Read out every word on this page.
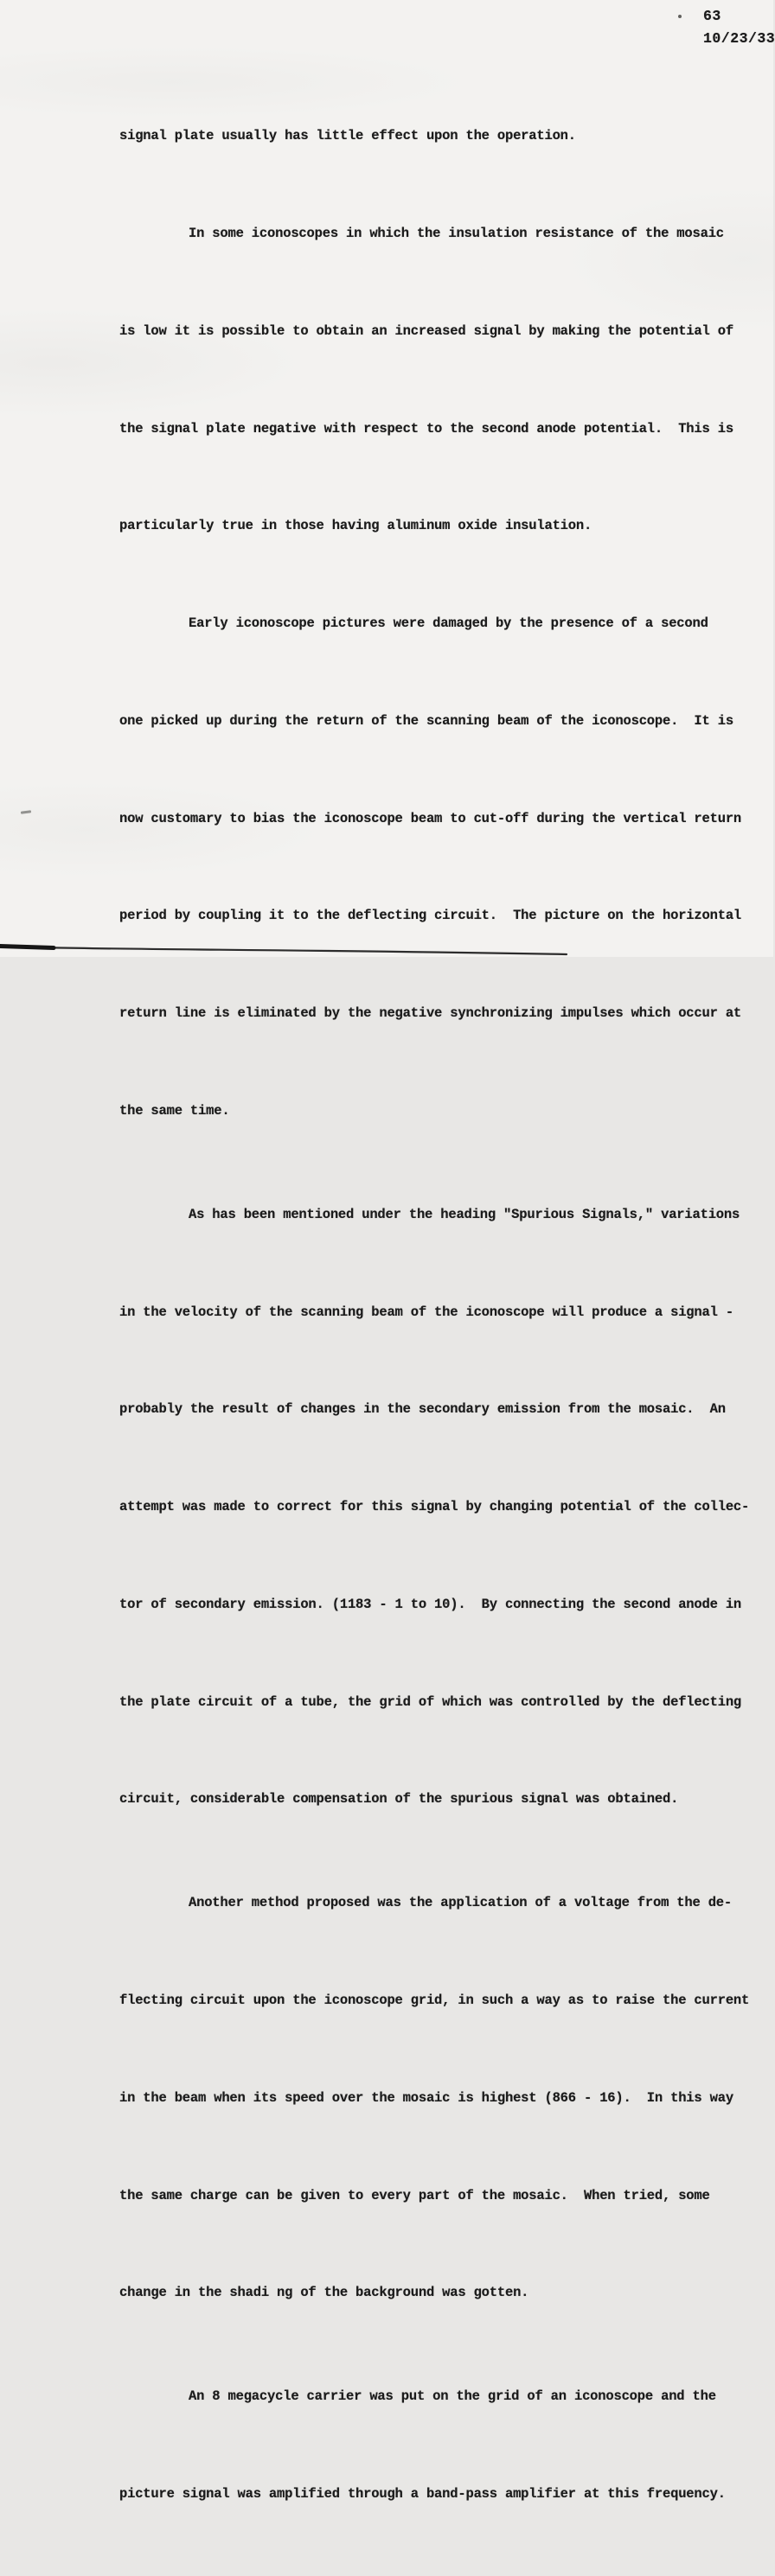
63
10/23/33

signal plate usually has little effect upon the operation.

In some iconoscopes in which the insulation resistance of the mosaic

is low it is possible to obtain an increased signal by making the potential of

the signal plate negative with respect to the second anode potential.  This is

particularly true in those having aluminum oxide insulation.

Early iconoscope pictures were damaged by the presence of a second

one picked up during the return of the scanning beam of the iconoscope.  It is

now customary to bias the iconoscope beam to cut-off during the vertical return

period by coupling it to the deflecting circuit.  The picture on the horizontal

return line is eliminated by the negative synchronizing impulses which occur at

the same time.

As has been mentioned under the heading "Spurious Signals," variations

in the velocity of the scanning beam of the iconoscope will produce a signal -

probably the result of changes in the secondary emission from the mosaic.  An

attempt was made to correct for this signal by changing potential of the collec-

tor of secondary emission. (1183 - 1 to 10).  By connecting the second anode in

the plate circuit of a tube, the grid of which was controlled by the deflecting

circuit, considerable compensation of the spurious signal was obtained.

Another method proposed was the application of a voltage from the de-

flecting circuit upon the iconoscope grid, in such a way as to raise the current

in the beam when its speed over the mosaic is highest (866 - 16).  In this way

the same charge can be given to every part of the mosaic.  When tried, some

change in the shadi ng of the background was gotten.

An 8 megacycle carrier was put on the grid of an iconoscope and the

picture signal was amplified through a band-pass amplifier at this frequency.
